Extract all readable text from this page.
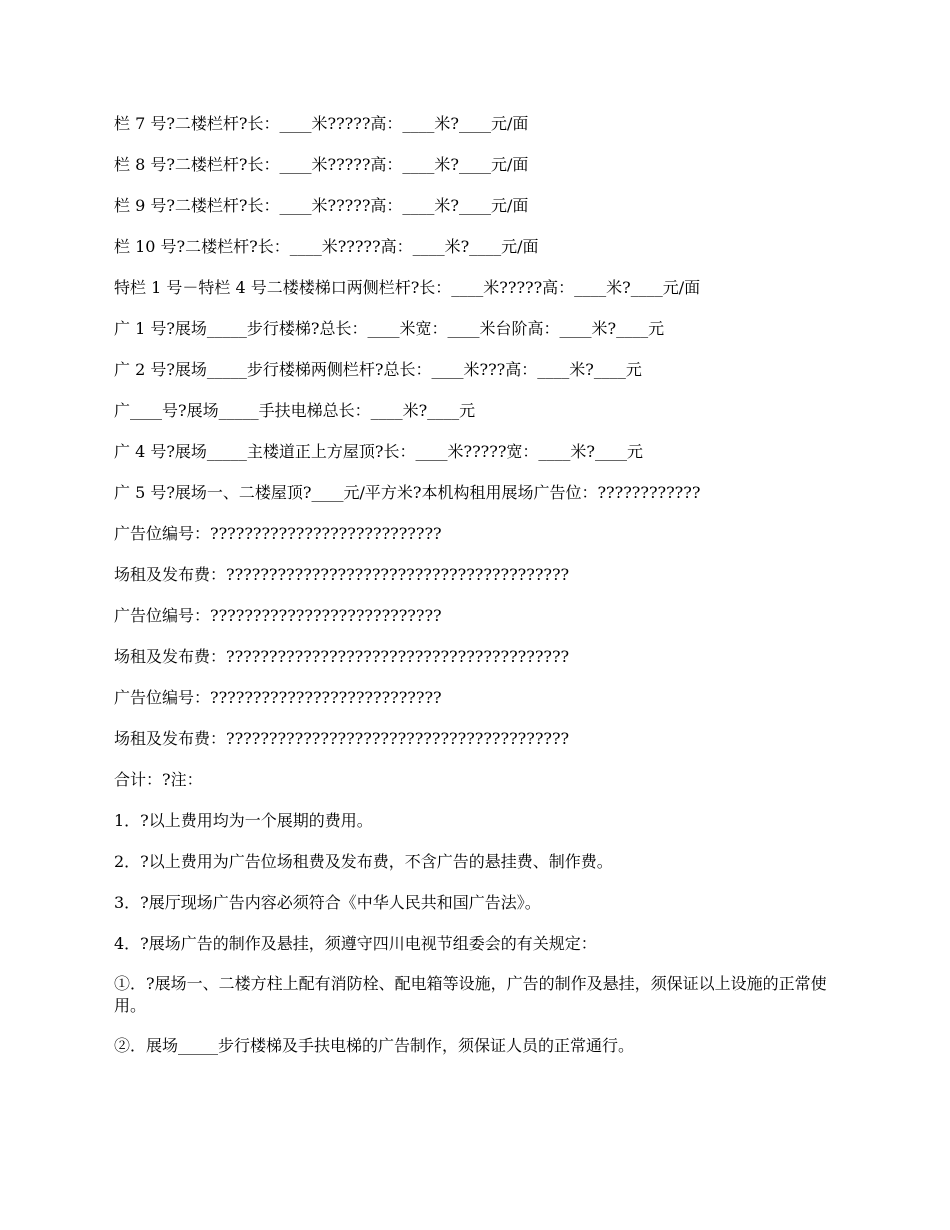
栏 7 号?二楼栏杆?长：____米?????高：____米?____元/面
栏 8 号?二楼栏杆?长：____米?????高：____米?____元/面
栏 9 号?二楼栏杆?长：____米?????高：____米?____元/面
栏 10 号?二楼栏杆?长：____米?????高：____米?____元/面
特栏 1 号－特栏 4 号二楼楼梯口两侧栏杆?长：____米?????高：____米?____元/面
广 1 号?展场_____步行楼梯?总长：____米宽：____米台阶高：____米?____元
广 2 号?展场_____步行楼梯两侧栏杆?总长：____米???高：____米?____元
广____号?展场_____手扶电梯总长：____米?____元
广 4 号?展场_____主楼道正上方屋顶?长：____米?????宽：____米?____元
广 5 号?展场一、二楼屋顶?____元/平方米?本机构租用展场广告位：????????????
广告位编号：???????????????????????????
场租及发布费：????????????????????????????????????????
广告位编号：???????????????????????????
场租及发布费：????????????????????????????????????????
广告位编号：???????????????????????????
场租及发布费：????????????????????????????????????????
合计：?注：
1．?以上费用均为一个展期的费用。
2．?以上费用为广告位场租费及发布费，不含广告的悬挂费、制作费。
3．?展厅现场广告内容必须符合《中华人民共和国广告法》。
4．?展场广告的制作及悬挂，须遵守四川电视节组委会的有关规定：
①．?展场一、二楼方柱上配有消防栓、配电箱等设施，广告的制作及悬挂，须保证以上设施的正常使用。
②．展场_____步行楼梯及手扶电梯的广告制作，须保证人员的正常通行。
